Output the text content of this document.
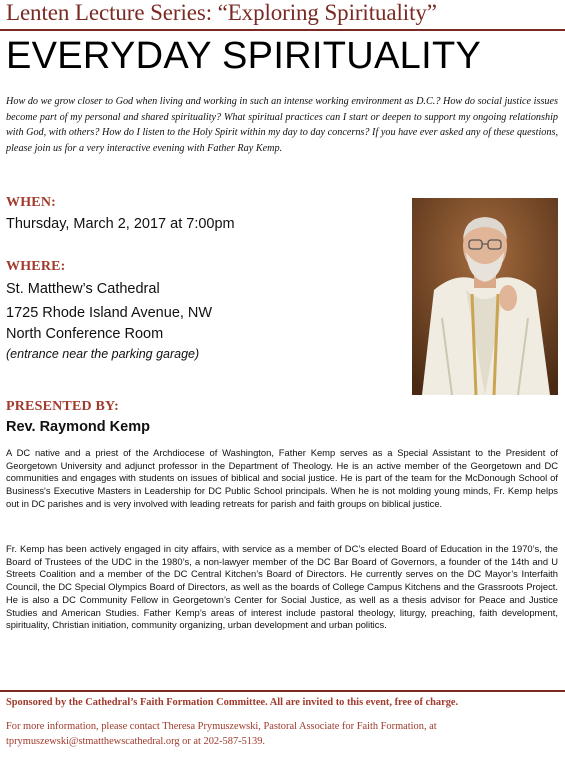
Lenten Lecture Series: “Exploring Spirituality”
EVERYDAY SPIRITUALITY
How do we grow closer to God when living and working in such an intense working environment as D.C.? How do social justice issues become part of my personal and shared spirituality? What spiritual practices can I start or deepen to support my ongoing relationship with God, with others? How do I listen to the Holy Spirit within my day to day concerns? If you have ever asked any of these questions, please join us for a very interactive evening with Father Ray Kemp.
WHEN:
Thursday, March 2, 2017 at 7:00pm
WHERE:
St. Matthew’s Cathedral
1725 Rhode Island Avenue, NW
North Conference Room
(entrance near the parking garage)
PRESENTED BY:
Rev. Raymond Kemp
A DC native and a priest of the Archdiocese of Washington, Father Kemp serves as a Special Assistant to the President of Georgetown University and adjunct professor in the Department of Theology. He is an active member of the Georgetown and DC communities and engages with students on issues of biblical and social justice. He is part of the team for the McDonough School of Business's Executive Masters in Leadership for DC Public School principals. When he is not molding young minds, Fr. Kemp helps out in DC parishes and is very involved with leading retreats for parish and faith groups on biblical justice.
Fr. Kemp has been actively engaged in city affairs, with service as a member of DC’s elected Board of Education in the 1970’s, the Board of Trustees of the UDC in the 1980’s, a non-lawyer member of the DC Bar Board of Governors, a founder of the 14th and U Streets Coalition and a member of the DC Central Kitchen’s Board of Directors. He currently serves on the DC Mayor’s Interfaith Council, the DC Special Olympics Board of Directors, as well as the boards of College Campus Kitchens and the Grassroots Project. He is also a DC Community Fellow in Georgetown’s Center for Social Justice, as well as a thesis advisor for Peace and Justice Studies and American Studies. Father Kemp’s areas of interest include pastoral theology, liturgy, preaching, faith development, spirituality, Christian initiation, community organizing, urban development and urban politics.
Sponsored by the Cathedral’s Faith Formation Committee. All are invited to this event, free of charge.
For more information, please contact Theresa Prymuszewski, Pastoral Associate for Faith Formation, at tprymuszewski@stmatthewscathedral.org or at 202-587-5139.
